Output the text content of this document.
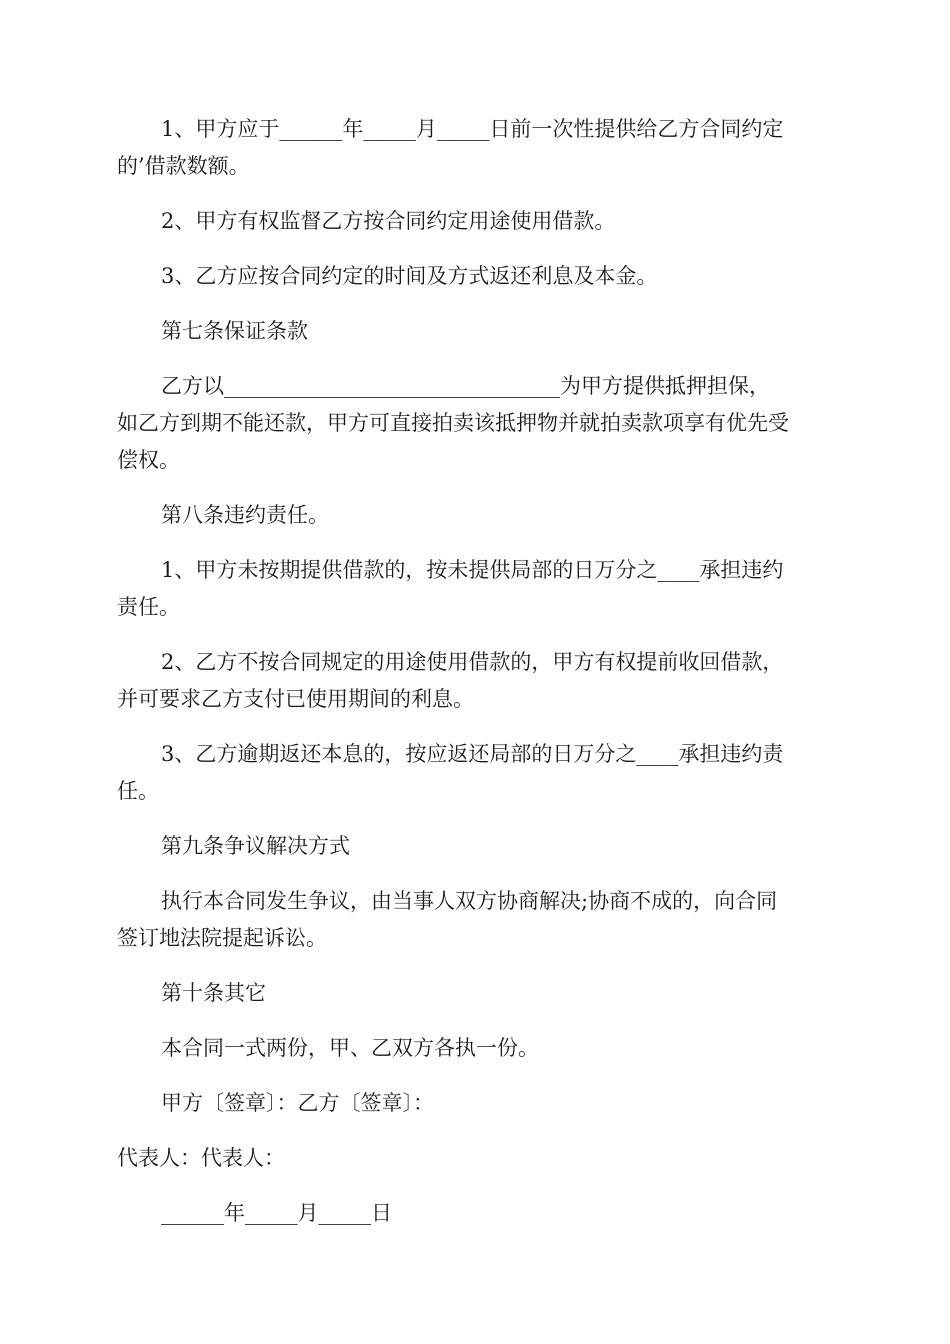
1、甲方应于______年_____月_____日前一次性提供给乙方合同约定
的’借款数额。

2、甲方有权监督乙方按合同约定用途使用借款。

3、乙方应按合同约定的时间及方式返还利息及本金。

第七条保证条款

乙方以________________________________为甲方提供抵押担保，
如乙方到期不能还款，甲方可直接拍卖该抵押物并就拍卖款项享有优先受
偿权。

第八条违约责任。

1、甲方未按期提供借款的，按未提供局部的日万分之____承担违约
责任。

2、乙方不按合同规定的用途使用借款的，甲方有权提前收回借款，
并可要求乙方支付已使用期间的利息。

3、乙方逾期返还本息的，按应返还局部的日万分之____承担违约责
任。

第九条争议解决方式

执行本合同发生争议，由当事人双方协商解决;协商不成的，向合同
签订地法院提起诉讼。

第十条其它

本合同一式两份，甲、乙双方各执一份。

甲方〔签章〕：乙方〔签章〕：

代表人：代表人：

______年_____月_____日
